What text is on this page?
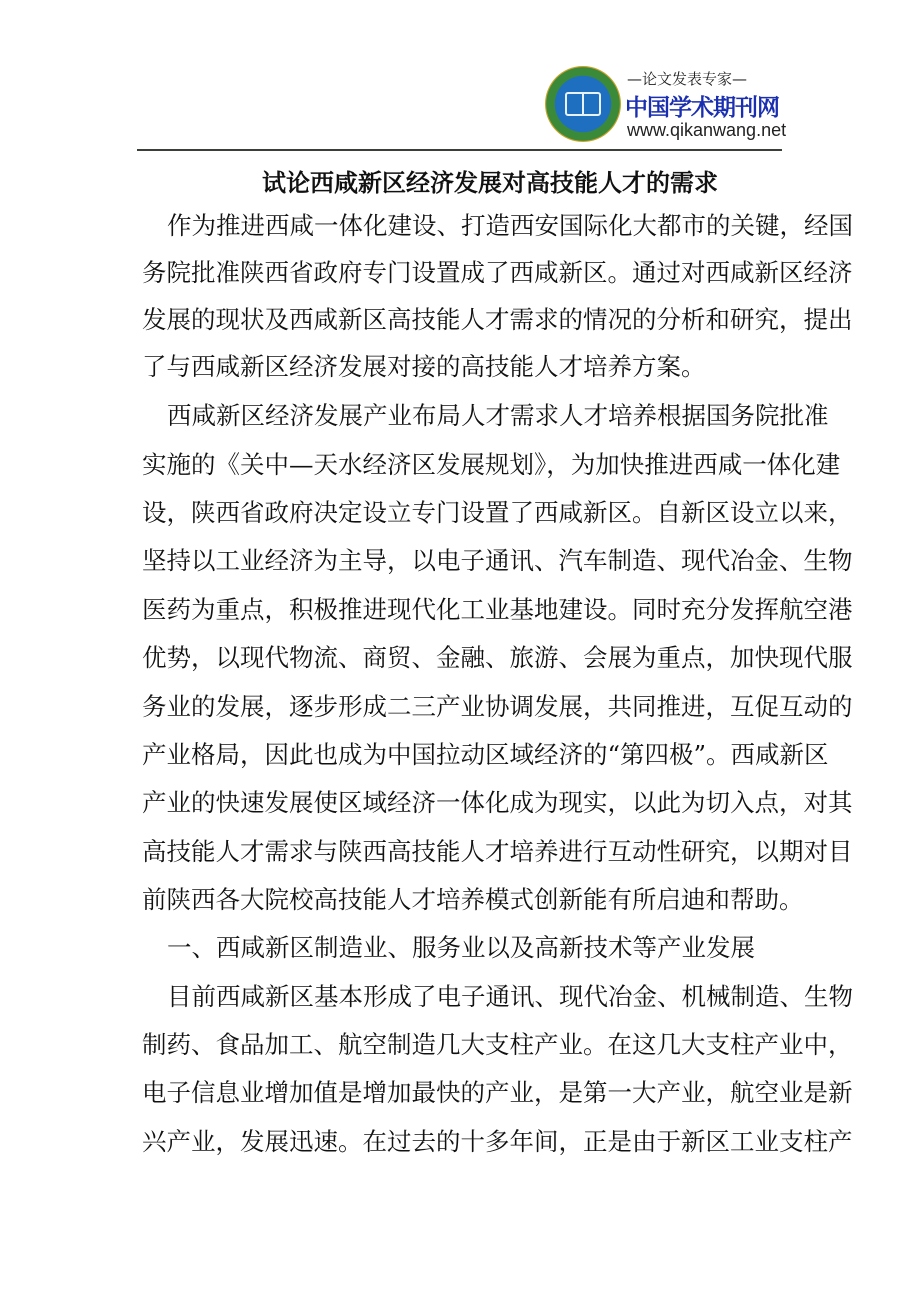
—论文发表专家—
中国学术期刊网
www.qikanwang.net
试论西咸新区经济发展对高技能人才的需求
作为推进西咸一体化建设、打造西安国际化大都市的关键，经国
务院批准陕西省政府专门设置成了西咸新区。通过对西咸新区经济
发展的现状及西咸新区高技能人才需求的情况的分析和研究，提出
了与西咸新区经济发展对接的高技能人才培养方案。
西咸新区经济发展产业布局人才需求人才培养根据国务院批准
实施的《关中—天水经济区发展规划》，为加快推进西咸一体化建
设，陕西省政府决定设立专门设置了西咸新区。自新区设立以来，
坚持以工业经济为主导，以电子通讯、汽车制造、现代冶金、生物
医药为重点，积极推进现代化工业基地建设。同时充分发挥航空港
优势，以现代物流、商贸、金融、旅游、会展为重点，加快现代服
务业的发展，逐步形成二三产业协调发展，共同推进，互促互动的
产业格局，因此也成为中国拉动区域经济的“第四极”。西咸新区
产业的快速发展使区域经济一体化成为现实，以此为切入点，对其
高技能人才需求与陕西高技能人才培养进行互动性研究，以期对目
前陕西各大院校高技能人才培养模式创新能有所启迪和帮助。
一、西咸新区制造业、服务业以及高新技术等产业发展
目前西咸新区基本形成了电子通讯、现代冶金、机械制造、生物
制药、食品加工、航空制造几大支柱产业。在这几大支柱产业中，
电子信息业增加值是增加最快的产业，是第一大产业，航空业是新
兴产业，发展迅速。在过去的十多年间，正是由于新区工业支柱产
